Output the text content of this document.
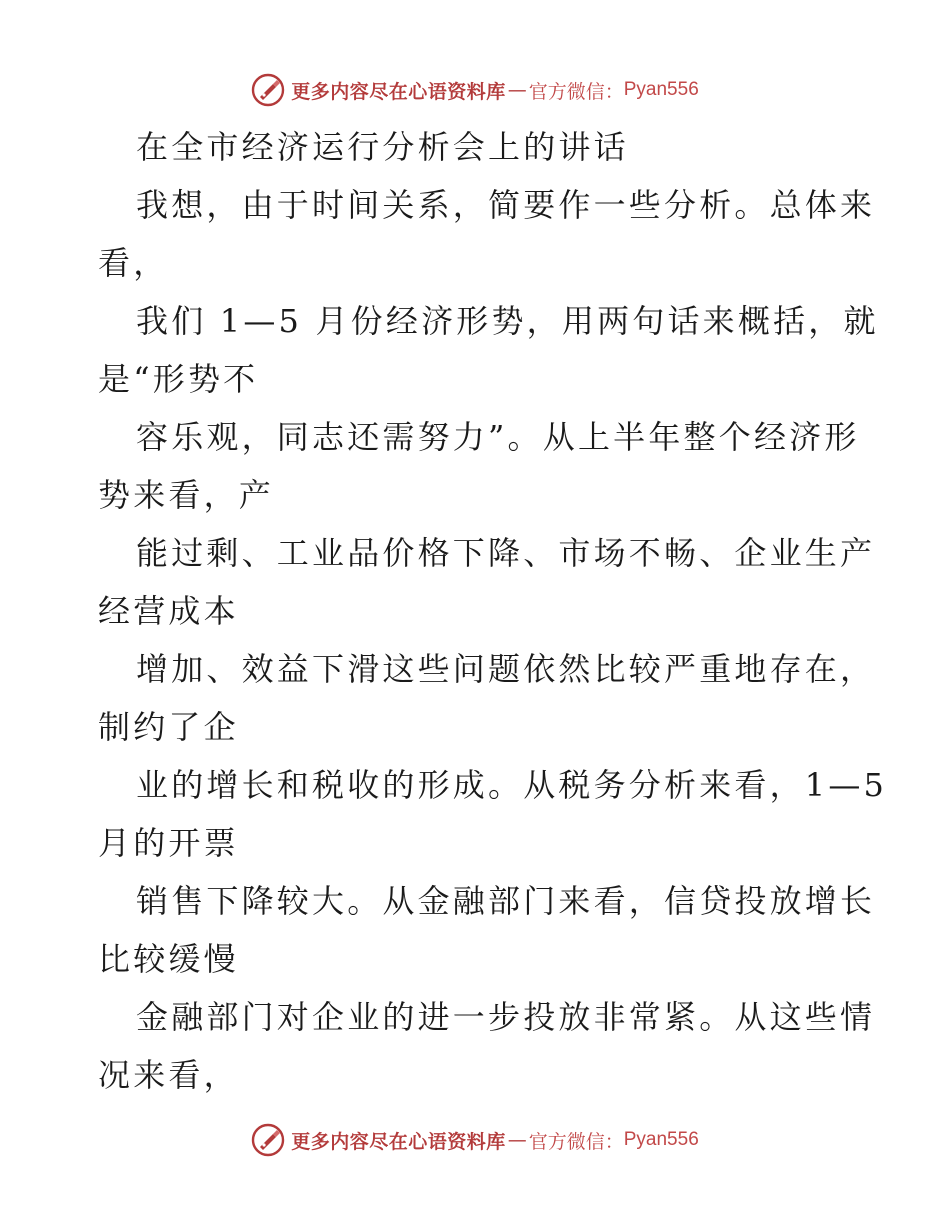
更多内容尽在心语资料库 — 官方微信： Pyan556
在全市经济运行分析会上的讲话
我想，由于时间关系，简要作一些分析。总体来
看，
我们 1—5 月份经济形势，用两句话来概括，就
是“形势不
容乐观，同志还需努力”。从上半年整个经济形
势来看，产
能过剩、工业品价格下降、市场不畅、企业生产
经营成本
增加、效益下滑这些问题依然比较严重地存在，
制约了企
业的增长和税收的形成。从税务分析来看，1—5
月的开票
销售下降较大。从金融部门来看，信贷投放增长
比较缓慢
金融部门对企业的进一步投放非常紧。从这些情
况来看，
更多内容尽在心语资料库 — 官方微信： Pyan556
